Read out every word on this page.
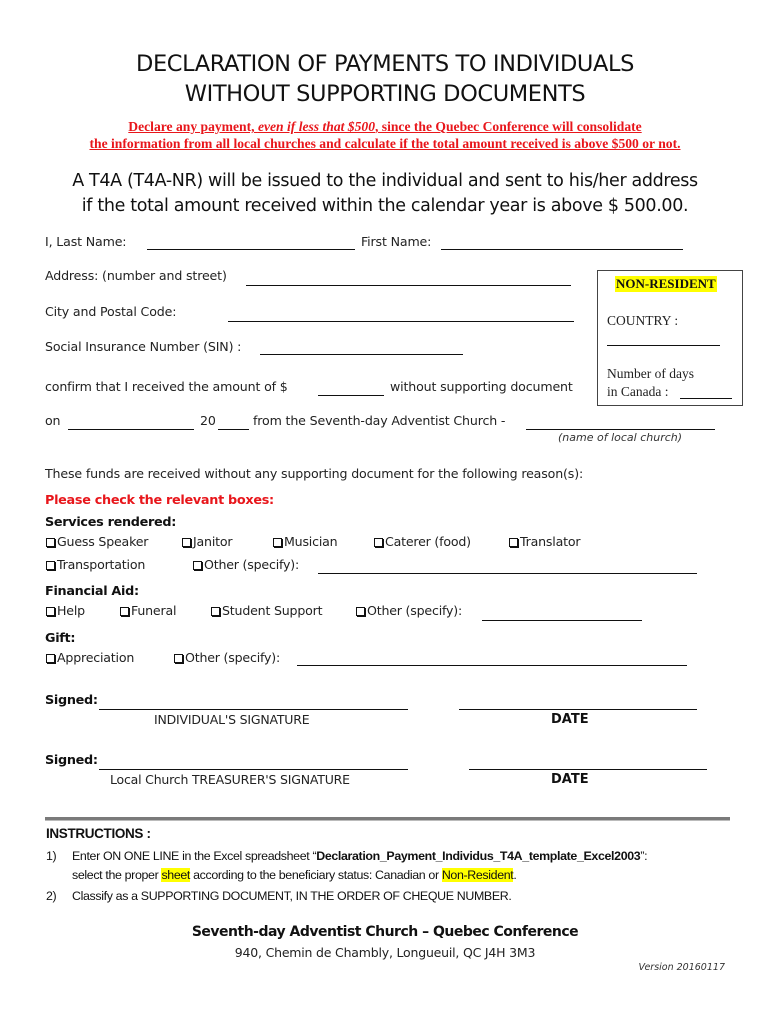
DECLARATION OF PAYMENTS TO INDIVIDUALS
WITHOUT SUPPORTING DOCUMENTS
Declare any payment, even if less that $500, since the Quebec Conference will consolidate
the information from all local churches and calculate if the total amount received is above $500 or not.
A T4A (T4A-NR) will be issued to the individual and sent to his/her address
if the total amount received within the calendar year is above $ 500.00.
I, Last Name:	First Name:
Address: (number and street)
City and Postal Code:
Social Insurance Number (SIN) :
confirm that I received the amount of $	without supporting document
on	20	from the Seventh-day Adventist Church -
(name of local church)
NON-RESIDENT
COUNTRY :
Number of days
in Canada :
These funds are received without any supporting document for the following reason(s):
Please check the relevant boxes:
Services rendered:
Guess Speaker	Janitor	Musician	Caterer (food)	Translator
Transportation	Other (specify):
Financial Aid:
Help	Funeral	Student Support	Other (specify):
Gift:
Appreciation	Other (specify):
Signed:
INDIVIDUAL'S SIGNATURE	DATE
Signed:
Local Church TREASURER'S SIGNATURE	DATE
INSTRUCTIONS :
1) Enter ON ONE LINE in the Excel spreadsheet “Declaration_Payment_Individus_T4A_template_Excel2003”:
select the proper sheet according to the beneficiary status: Canadian or Non-Resident.
2) Classify as a SUPPORTING DOCUMENT, IN THE ORDER OF CHEQUE NUMBER.
Seventh-day Adventist Church – Quebec Conference
940, Chemin de Chambly, Longueuil, QC J4H 3M3
Version 20160117
